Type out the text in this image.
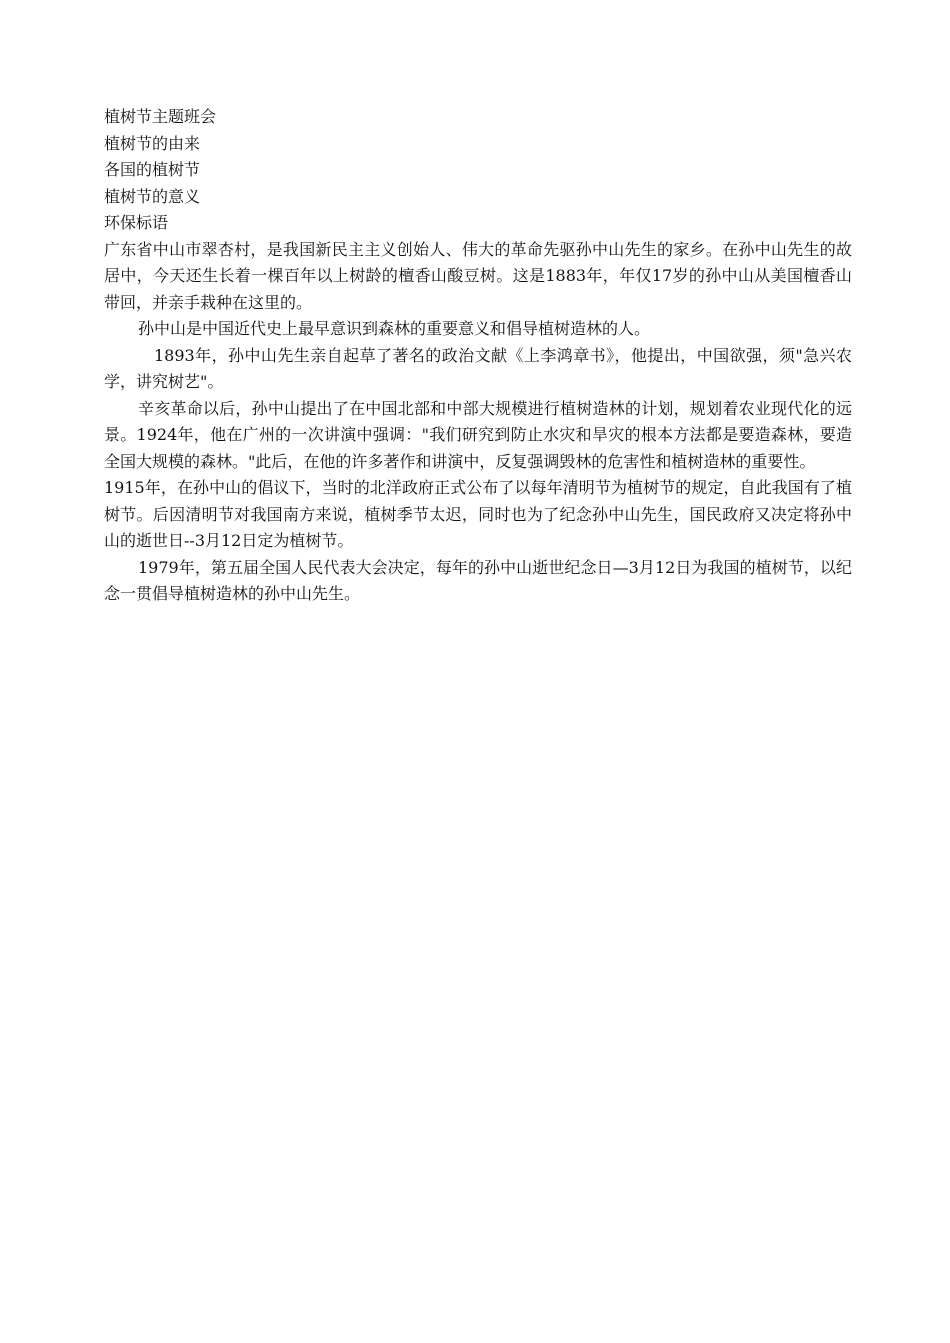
植树节主题班会
植树节的由来
各国的植树节
植树节的意义
环保标语

广东省中山市翠杏村，是我国新民主主义创始人、伟大的革命先驱孙中山先生的家乡。在孙中山先生的故居中，今天还生长着一棵百年以上树龄的檀香山酸豆树。这是1883年，年仅17岁的孙中山从美国檀香山带回，并亲手栽种在这里的。

孙中山是中国近代史上最早意识到森林的重要意义和倡导植树造林的人。

1893年，孙中山先生亲自起草了著名的政治文献《上李鸿章书》，他提出，中国欲强，须"急兴农学，讲究树艺"。

辛亥革命以后，孙中山提出了在中国北部和中部大规模进行植树造林的计划，规划着农业现代化的远景。1924年，他在广州的一次讲演中强调："我们研究到防止水灾和旱灾的根本方法都是要造森林，要造全国大规模的森林。"此后，在他的许多著作和讲演中，反复强调毁林的危害性和植树造林的重要性。

1915年，在孙中山的倡议下，当时的北洋政府正式公布了以每年清明节为植树节的规定，自此我国有了植树节。后因清明节对我国南方来说，植树季节太迟，同时也为了纪念孙中山先生，国民政府又决定将孙中山的逝世日--3月12日定为植树节。

1979年，第五届全国人民代表大会决定，每年的孙中山逝世纪念日—3月12日为我国的植树节，以纪念一贯倡导植树造林的孙中山先生。
